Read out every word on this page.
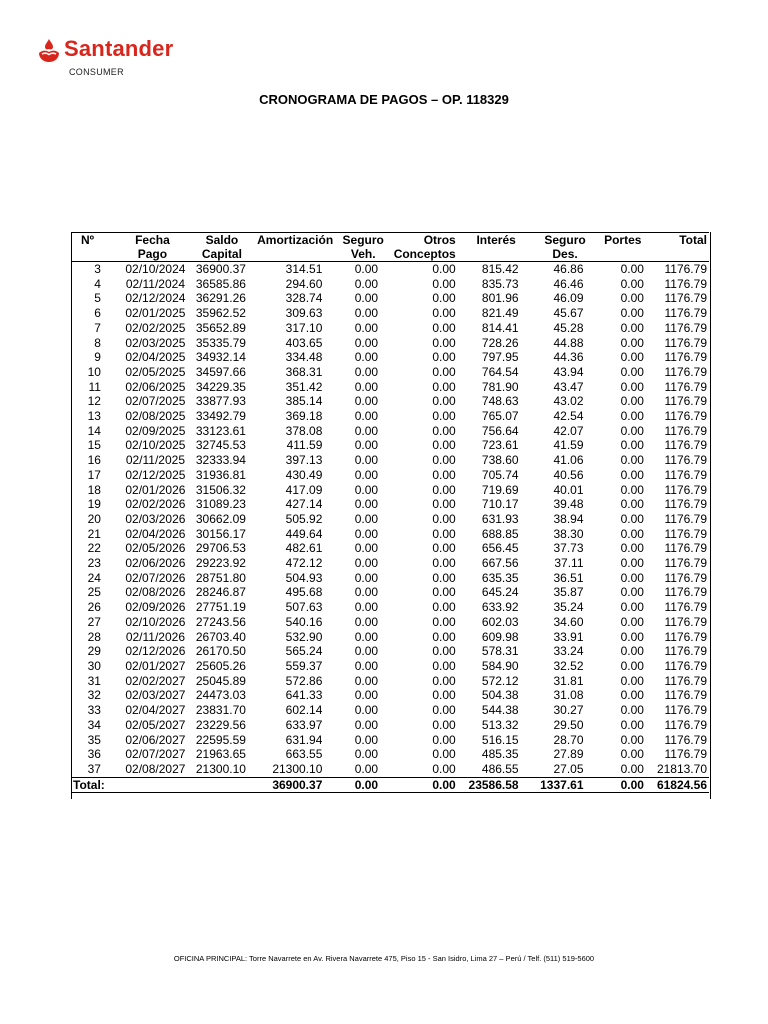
Santander
CONSUMER
CRONOGRAMA DE PAGOS – OP. 118329
Nº	Fecha	Saldo	Amortización	Seguro	Otros	Interés	Seguro	Portes	Total
	Pago	Capital		Veh.	Conceptos		Des.		
3	02/10/2024	36900.37	314.51	0.00	0.00	815.42	46.86	0.00	1176.79
4	02/11/2024	36585.86	294.60	0.00	0.00	835.73	46.46	0.00	1176.79
5	02/12/2024	36291.26	328.74	0.00	0.00	801.96	46.09	0.00	1176.79
6	02/01/2025	35962.52	309.63	0.00	0.00	821.49	45.67	0.00	1176.79
7	02/02/2025	35652.89	317.10	0.00	0.00	814.41	45.28	0.00	1176.79
8	02/03/2025	35335.79	403.65	0.00	0.00	728.26	44.88	0.00	1176.79
9	02/04/2025	34932.14	334.48	0.00	0.00	797.95	44.36	0.00	1176.79
10	02/05/2025	34597.66	368.31	0.00	0.00	764.54	43.94	0.00	1176.79
11	02/06/2025	34229.35	351.42	0.00	0.00	781.90	43.47	0.00	1176.79
12	02/07/2025	33877.93	385.14	0.00	0.00	748.63	43.02	0.00	1176.79
13	02/08/2025	33492.79	369.18	0.00	0.00	765.07	42.54	0.00	1176.79
14	02/09/2025	33123.61	378.08	0.00	0.00	756.64	42.07	0.00	1176.79
15	02/10/2025	32745.53	411.59	0.00	0.00	723.61	41.59	0.00	1176.79
16	02/11/2025	32333.94	397.13	0.00	0.00	738.60	41.06	0.00	1176.79
17	02/12/2025	31936.81	430.49	0.00	0.00	705.74	40.56	0.00	1176.79
18	02/01/2026	31506.32	417.09	0.00	0.00	719.69	40.01	0.00	1176.79
19	02/02/2026	31089.23	427.14	0.00	0.00	710.17	39.48	0.00	1176.79
20	02/03/2026	30662.09	505.92	0.00	0.00	631.93	38.94	0.00	1176.79
21	02/04/2026	30156.17	449.64	0.00	0.00	688.85	38.30	0.00	1176.79
22	02/05/2026	29706.53	482.61	0.00	0.00	656.45	37.73	0.00	1176.79
23	02/06/2026	29223.92	472.12	0.00	0.00	667.56	37.11	0.00	1176.79
24	02/07/2026	28751.80	504.93	0.00	0.00	635.35	36.51	0.00	1176.79
25	02/08/2026	28246.87	495.68	0.00	0.00	645.24	35.87	0.00	1176.79
26	02/09/2026	27751.19	507.63	0.00	0.00	633.92	35.24	0.00	1176.79
27	02/10/2026	27243.56	540.16	0.00	0.00	602.03	34.60	0.00	1176.79
28	02/11/2026	26703.40	532.90	0.00	0.00	609.98	33.91	0.00	1176.79
29	02/12/2026	26170.50	565.24	0.00	0.00	578.31	33.24	0.00	1176.79
30	02/01/2027	25605.26	559.37	0.00	0.00	584.90	32.52	0.00	1176.79
31	02/02/2027	25045.89	572.86	0.00	0.00	572.12	31.81	0.00	1176.79
32	02/03/2027	24473.03	641.33	0.00	0.00	504.38	31.08	0.00	1176.79
33	02/04/2027	23831.70	602.14	0.00	0.00	544.38	30.27	0.00	1176.79
34	02/05/2027	23229.56	633.97	0.00	0.00	513.32	29.50	0.00	1176.79
35	02/06/2027	22595.59	631.94	0.00	0.00	516.15	28.70	0.00	1176.79
36	02/07/2027	21963.65	663.55	0.00	0.00	485.35	27.89	0.00	1176.79
37	02/08/2027	21300.10	21300.10	0.00	0.00	486.55	27.05	0.00	21813.70
Total:			36900.37	0.00	0.00	23586.58	1337.61	0.00	61824.56
OFICINA PRINCIPAL: Torre Navarrete en Av. Rivera Navarrete 475, Piso 15 - San Isidro, Lima 27 – Perú / Telf. (511) 519-5600
